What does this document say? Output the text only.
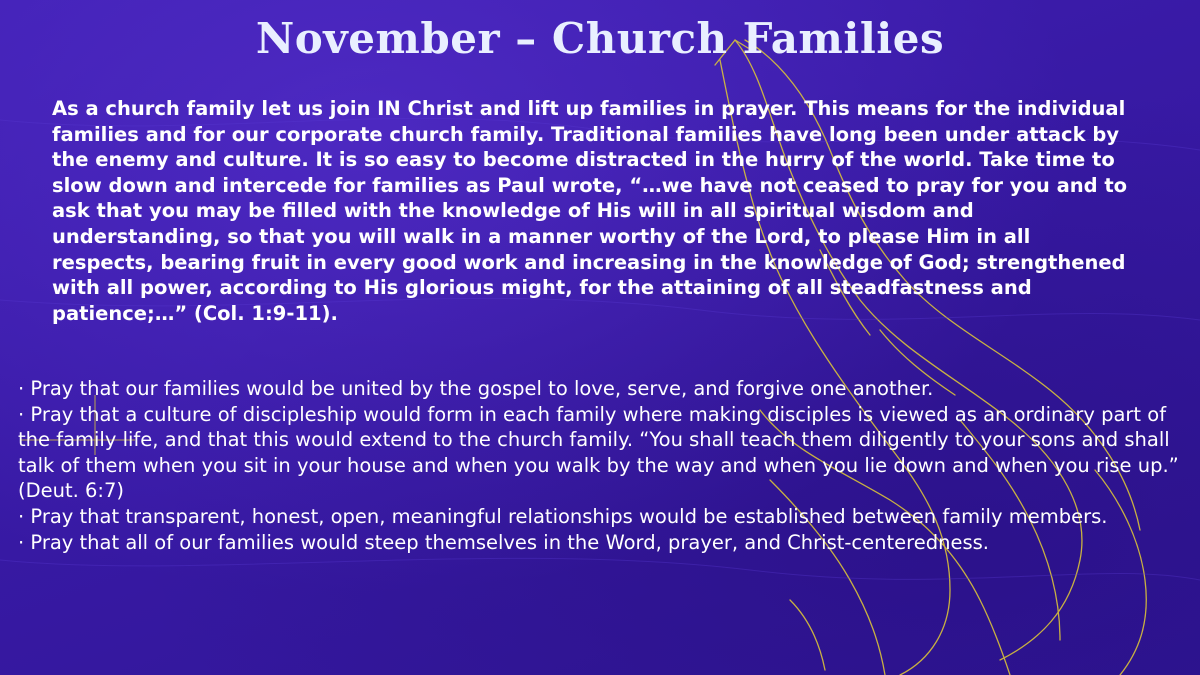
November – Church Families

As a church family let us join IN Christ and lift up families in prayer. This means for the individual families and for our corporate church family. Traditional families have long been under attack by the enemy and culture. It is so easy to become distracted in the hurry of the world. Take time to slow down and intercede for families as Paul wrote, “…we have not ceased to pray for you and to ask that you may be filled with the knowledge of His will in all spiritual wisdom and understanding, so that you will walk in a manner worthy of the Lord, to please Him in all respects, bearing fruit in every good work and increasing in the knowledge of God; strengthened with all power, according to His glorious might, for the attaining of all steadfastness and patience;…” (Col. 1:9-11).

· Pray that our families would be united by the gospel to love, serve, and forgive one another.
· Pray that a culture of discipleship would form in each family where making disciples is viewed as an ordinary part of the family life, and that this would extend to the church family. “You shall teach them diligently to your sons and shall talk of them when you sit in your house and when you walk by the way and when you lie down and when you rise up.” (Deut. 6:7)
· Pray that transparent, honest, open, meaningful relationships would be established between family members.
· Pray that all of our families would steep themselves in the Word, prayer, and Christ-centeredness.
